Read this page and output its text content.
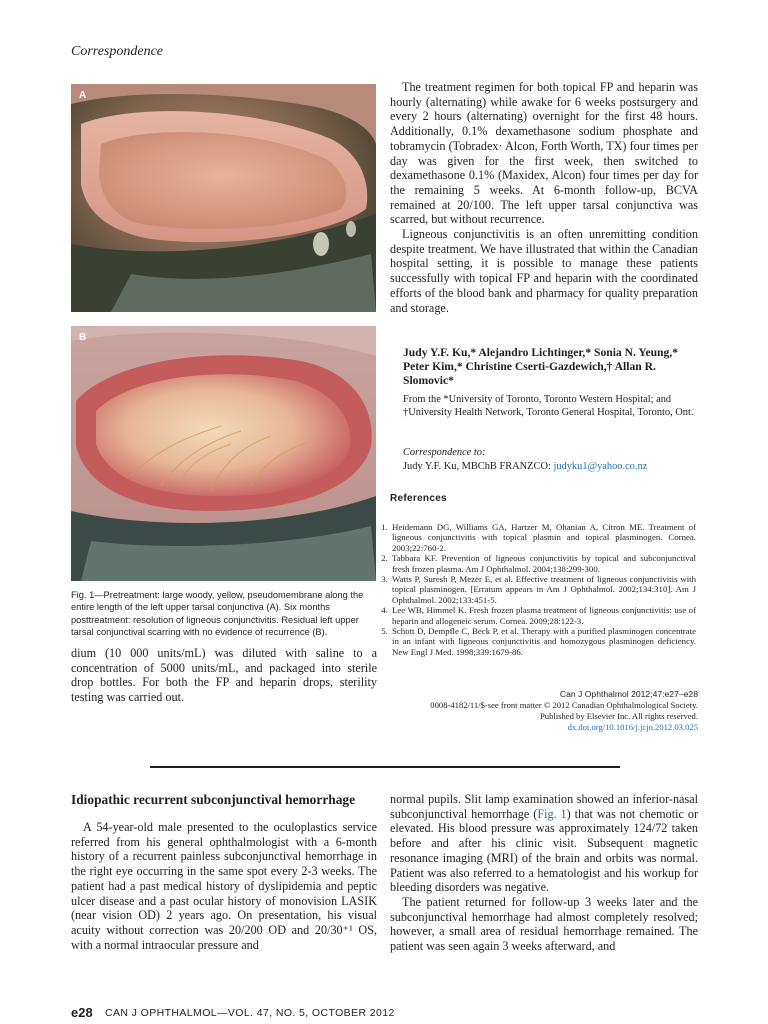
Correspondence
A
B
Fig. 1—Pretreatment: large woody, yellow, pseudomembrane along the entire length of the left upper tarsal conjunctiva (A). Six months posttreatment: resolution of ligneous conjunctivitis. Residual left upper tarsal conjunctival scarring with no evidence of recurrence (B).

dium (10 000 units/mL) was diluted with saline to a concentration of 5000 units/mL, and packaged into sterile drop bottles. For both the FP and heparin drops, sterility testing was carried out.

The treatment regimen for both topical FP and heparin was hourly (alternating) while awake for 6 weeks postsurgery and every 2 hours (alternating) overnight for the first 48 hours. Additionally, 0.1% dexamethasone sodium phosphate and tobramycin (Tobradex· Alcon, Forth Worth, TX) four times per day was given for the first week, then switched to dexamethasone 0.1% (Maxidex, Alcon) four times per day for the remaining 5 weeks. At 6-month follow-up, BCVA remained at 20/100. The left upper tarsal conjunctiva was scarred, but without recurrence.

Ligneous conjunctivitis is an often unremitting condition despite treatment. We have illustrated that within the Canadian hospital setting, it is possible to manage these patients successfully with topical FP and heparin with the coordinated efforts of the blood bank and pharmacy for quality preparation and storage.

Judy Y.F. Ku,* Alejandro Lichtinger,* Sonia N. Yeung,* Peter Kim,* Christine Cserti-Gazdewich,† Allan R. Slomovic*
From the *University of Toronto, Toronto Western Hospital; and †University Health Network, Toronto General Hospital, Toronto, Ont.
Correspondence to:
Judy Y.F. Ku, MBChB FRANZCO: judyku1@yahoo.co.nz
References
1. Heidemann DG, Williams GA, Hartzer M, Ohanian A, Citron ME. Treatment of ligneous conjunctivitis with topical plasmin and topical plasminogen. Cornea. 2003;22:760-2.
2. Tabbara KF. Prevention of ligneous conjunctivitis by topical and subconjunctival fresh frozen plasma. Am J Ophthalmol. 2004;138:299-300.
3. Watts P, Suresh P, Mezer E, et al. Effective treatment of ligneous conjunctivitis with topical plasminogen. [Erratum appears in Am J Ophthalmol. 2002;134:310]. Am J Ophthalmol. 2002;133:451-5.
4. Lee WB, Himmel K. Fresh frozen plasma treatment of ligneous conjunctivitis: use of heparin and allogeneic serum. Cornea. 2009;28:122-3.
5. Schott D, Dempfle C, Beck P, et al. Therapy with a purified plasminogen concentrate in an infant with ligneous conjunctivitis and homozygous plasminogen deficiency. New Engl J Med. 1998;339:1679-86.
Can J Ophthalmol 2012;47:e27–e28
0008-4182/11/$-see front matter © 2012 Canadian Ophthalmological Society.
Published by Elsevier Inc. All rights reserved.
dx.doi.org/10.1016/j.jcjo.2012.03.025
Idiopathic recurrent subconjunctival hemorrhage

A 54-year-old male presented to the oculoplastics service referred from his general ophthalmologist with a 6-month history of a recurrent painless subconjunctival hemorrhage in the right eye occurring in the same spot every 2-3 weeks. The patient had a past medical history of dyslipidemia and peptic ulcer disease and a past ocular history of monovision LASIK (near vision OD) 2 years ago. On presentation, his visual acuity without correction was 20/200 OD and 20/30⁺¹ OS, with a normal intraocular pressure and

normal pupils. Slit lamp examination showed an inferior-nasal subconjunctival hemorrhage (Fig. 1) that was not chemotic or elevated. His blood pressure was approximately 124/72 taken before and after his clinic visit. Subsequent magnetic resonance imaging (MRI) of the brain and orbits was normal. Patient was also referred to a hematologist and his workup for bleeding disorders was negative.

The patient returned for follow-up 3 weeks later and the subconjunctival hemorrhage had almost completely resolved; however, a small area of residual hemorrhage remained. The patient was seen again 3 weeks afterward, and

e28 CAN J OPHTHALMOL—VOL. 47, NO. 5, OCTOBER 2012
